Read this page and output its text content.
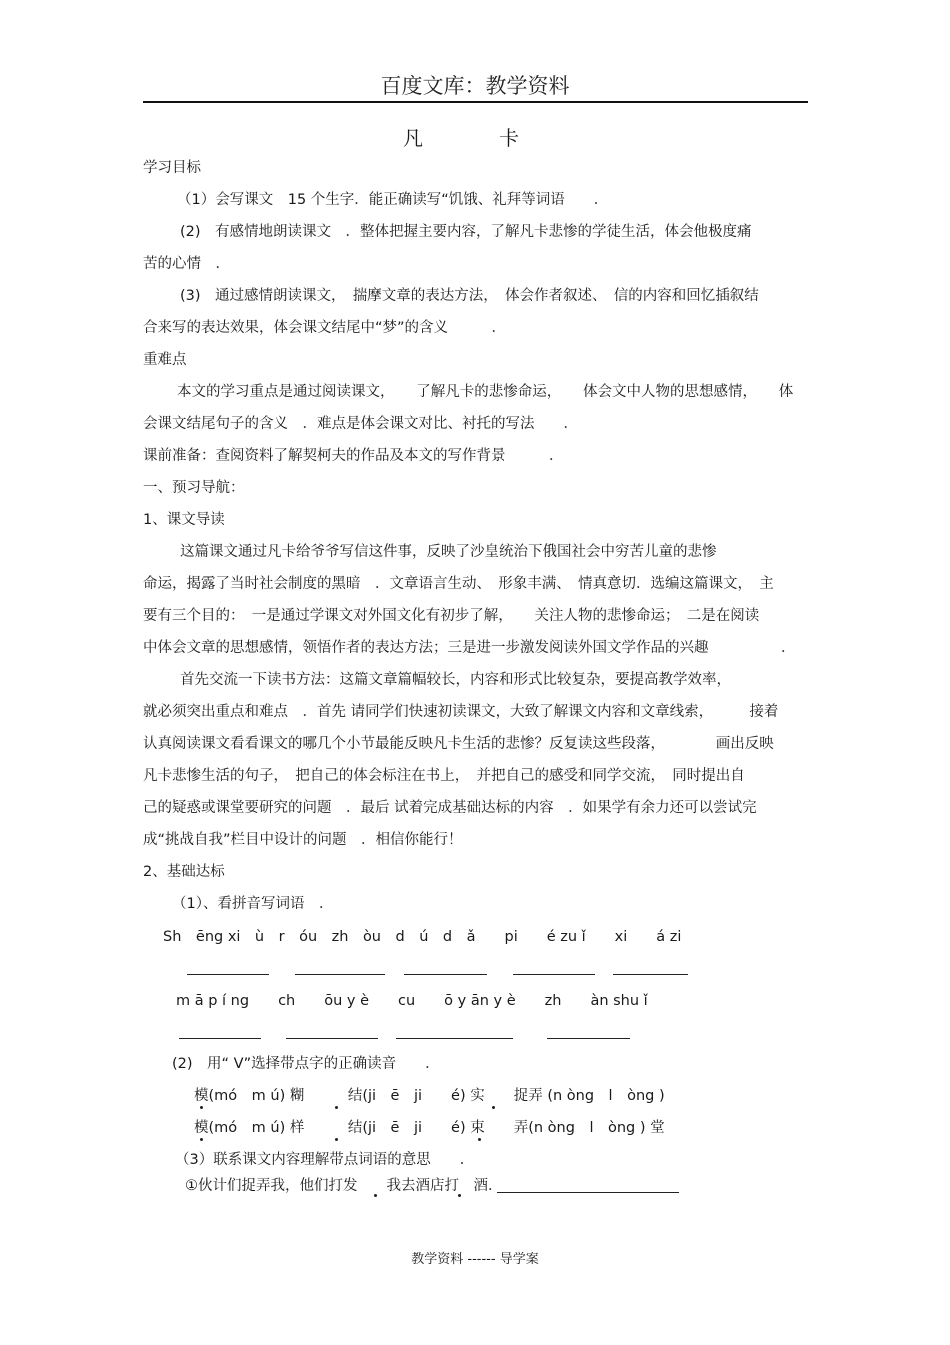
百度文库：教学资料
凡　卡
学习目标
（1）会写课文　15 个生字．能正确读写“饥饿、礼拜等词语　　．
(2)　有感情地朗读课文　．整体把握主要内容，了解凡卡悲惨的学徒生活，体会他极度痛
苦的心情　．
(3)　通过感情朗读课文，　揣摩文章的表达方法，　体会作者叙述、　信的内容和回忆插叙结
合来写的表达效果，体会课文结尾中“梦”的含义　　　．
重难点
本文的学习重点是通过阅读课文，　　了解凡卡的悲惨命运，　　体会文中人物的思想感情，　　体
会课文结尾句子的含义　．难点是体会课文对比、衬托的写法　　．
课前准备：查阅资料了解契柯夫的作品及本文的写作背景　　　．
一、预习导航：
1、课文导读
这篇课文通过凡卡给爷爷写信这件事，反映了沙皇统治下俄国社会中穷苦儿童的悲惨
命运，揭露了当时社会制度的黑暗　．文章语言生动、　形象丰满、　情真意切．选编这篇课文，　主
要有三个目的：　一是通过学课文对外国文化有初步了解，　　关注人物的悲惨命运；　二是在阅读
中体会文章的思想感情，领悟作者的表达方法；三是进一步激发阅读外国文学作品的兴趣　　　　　．
首先交流一下读书方法：这篇文章篇幅较长，内容和形式比较复杂，要提高教学效率，
就必须突出重点和难点　．首先 请同学们快速初读课文，大致了解课文内容和文章线索，　　　接着
认真阅读课文看看课文的哪几个小节最能反映凡卡生活的悲惨？反复读这些段落，　　　　画出反映
凡卡悲惨生活的句子，　把自己的体会标注在书上，　并把自己的感受和同学交流，　同时提出自
己的疑惑或课堂要研究的问题　．最后 试着完成基础达标的内容　．如果学有余力还可以尝试完
成“挑战自我”栏目中设计的问题　．相信你能行！
2、基础达标
（1）、看拼音写词语　．
Sh　ēng xi　ù　r　óu　zh　òu　d　ú　d　ǎ　　pi　　é zu ǐ　　xi　　á zi
m ā p í ng　　ch　　ōu y è　　cu　　ō y ān y è　　zh　　àn shu ǐ
(2)　用“ V”选择带点字的正确读音　　．
模(mó　m ú) 糊　　　结(ji　ē　ji　　é) 实　　捉弄 (n òng　l　òng )
模(mó　m ú) 样　　　结(ji　ē　ji　　é) 束　　弄(n òng　l　òng ) 堂
（3）联系课文内容理解带点词语的意思　　．
①伙计们捉弄我，他们打发　　我去酒店打　酒．
教学资料 ------ 导学案
